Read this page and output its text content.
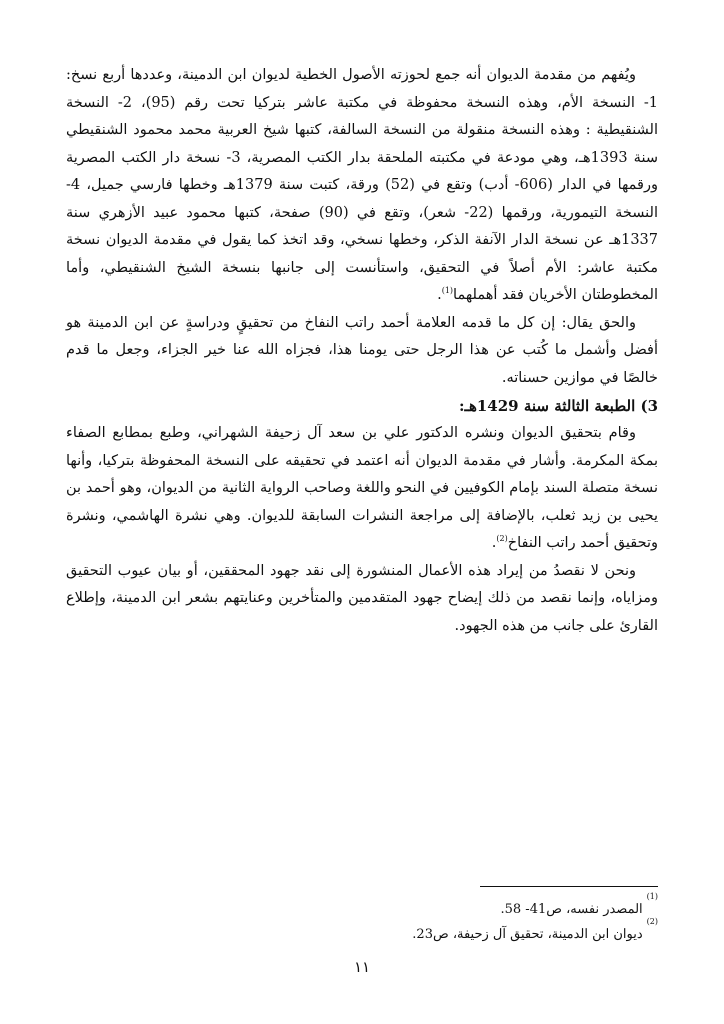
ويُفهم من مقدمة الديوان أنه جمع لحوزته الأصول الخطية لديوان ابن الدمينة، وعددها أربع نسخ: 1- النسخة الأم، وهذه النسخة محفوظة في مكتبة عاشر بتركيا تحت رقم (95)، 2- النسخة الشنقيطية : وهذه النسخة منقولة من النسخة السالفة، كتبها شيخ العربية محمد محمود الشنقيطي سنة 1393هـ، وهي مودعة في مكتبته الملحقة بدار الكتب المصرية، 3- نسخة دار الكتب المصرية ورقمها في الدار (606- أدب) وتقع في (52) ورقة، كتبت سنة 1379هـ وخطها فارسي جميل، 4-النسخة التيمورية، ورقمها (22- شعر)، وتقع في (90) صفحة، كتبها محمود عبيد الأزهري سنة 1337هـ عن نسخة الدار الآنفة الذكر، وخطها نسخي، وقد اتخذ كما يقول في مقدمة الديوان نسخة مكتبة عاشر: الأم أصلاً في التحقيق، واستأنست إلى جانبها بنسخة الشيخ الشنقيطي، وأما المخطوطتان الأخريان فقد أهملهما$^{(1)}$.

والحق يقال: إن كل ما قدمه العلامة أحمد راتب النفاخ من تحقيقٍ ودراسةٍ عن ابن الدمينة هو أفضل وأشمل ما كُتب عن هذا الرجل حتى يومنا هذا، فجزاه الله عنا خير الجزاء، وجعل ما قدم خالصًا في موازين حسناته.

3) الطبعة الثالثة سنة 1429هـ:

وقام بتحقيق الديوان ونشره الدكتور علي بن سعد آل زحيفة الشهراني، وطبع بمطابع الصفاء بمكة المكرمة. وأشار في مقدمة الديوان أنه اعتمد في تحقيقه على النسخة المحفوظة بتركيا، وأنها نسخة متصلة السند بإمام الكوفيين في النحو واللغة وصاحب الرواية الثانية من الديوان، وهو أحمد بن يحيى بن زيد ثعلب، بالإضافة إلى مراجعة النشرات السابقة للديوان. وهي نشرة الهاشمي، ونشرة وتحقيق أحمد راتب النفاخ$^{(2)}$.

ونحن لا نقصدُ من إيراد هذه الأعمال المنشورة إلى نقد جهود المحققين، أو بيان عيوب التحقيق ومزاياه، وإنما نقصد من ذلك إيضاح جهود المتقدمين والمتأخرين وعنايتهم بشعر ابن الدمينة، وإطلاع القارئ على جانب من هذه الجهود.

(1)
المصدر نفسه، ص41- 58.
(2)
ديوان ابن الدمينة، تحقيق آل زحيفة، ص23.
١١
